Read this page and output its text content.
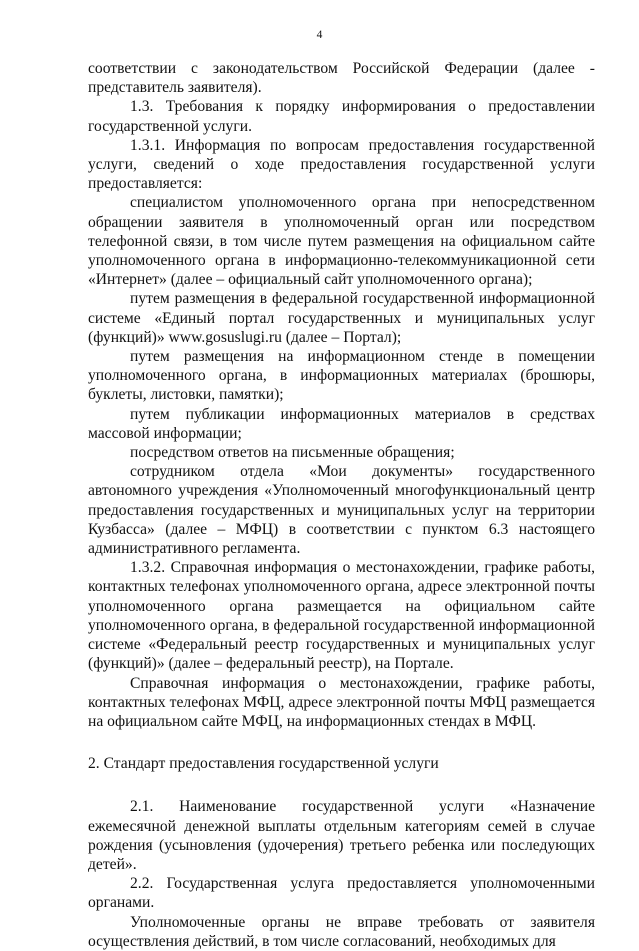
4

соответствии с законодательством Российской Федерации (далее - представитель заявителя).

1.3. Требования к порядку информирования о предоставлении государственной услуги.

1.3.1. Информация по вопросам предоставления государственной услуги, сведений о ходе предоставления государственной услуги предоставляется:

специалистом уполномоченного органа при непосредственном обращении заявителя в уполномоченный орган или посредством телефонной связи, в том числе путем размещения на официальном сайте уполномоченного органа в информационно-телекоммуникационной сети «Интернет» (далее – официальный сайт уполномоченного органа);

путем размещения в федеральной государственной информационной системе «Единый портал государственных и муниципальных услуг (функций)» www.gosuslugi.ru (далее – Портал);

путем размещения на информационном стенде в помещении уполномоченного органа, в информационных материалах (брошюры, буклеты, листовки, памятки);

путем публикации информационных материалов в средствах массовой информации;

посредством ответов на письменные обращения;

сотрудником отдела «Мои документы» государственного автономного учреждения «Уполномоченный многофункциональный центр предоставления государственных и муниципальных услуг на территории Кузбасса» (далее – МФЦ) в соответствии с пунктом 6.3 настоящего административного регламента.

1.3.2. Справочная информация о местонахождении, графике работы, контактных телефонах уполномоченного органа, адресе электронной почты уполномоченного органа размещается на официальном сайте уполномоченного органа, в федеральной государственной информационной системе «Федеральный реестр государственных и муниципальных услуг (функций)» (далее – федеральный реестр), на Портале.

Справочная информация о местонахождении, графике работы, контактных телефонах МФЦ, адресе электронной почты МФЦ размещается на официальном сайте МФЦ, на информационных стендах в МФЦ.

2. Стандарт предоставления государственной услуги

2.1. Наименование государственной услуги «Назначение ежемесячной денежной выплаты отдельным категориям семей в случае рождения (усыновления (удочерения) третьего ребенка или последующих детей».

2.2. Государственная услуга предоставляется уполномоченными органами.

Уполномоченные органы не вправе требовать от заявителя осуществления действий, в том числе согласований, необходимых для
